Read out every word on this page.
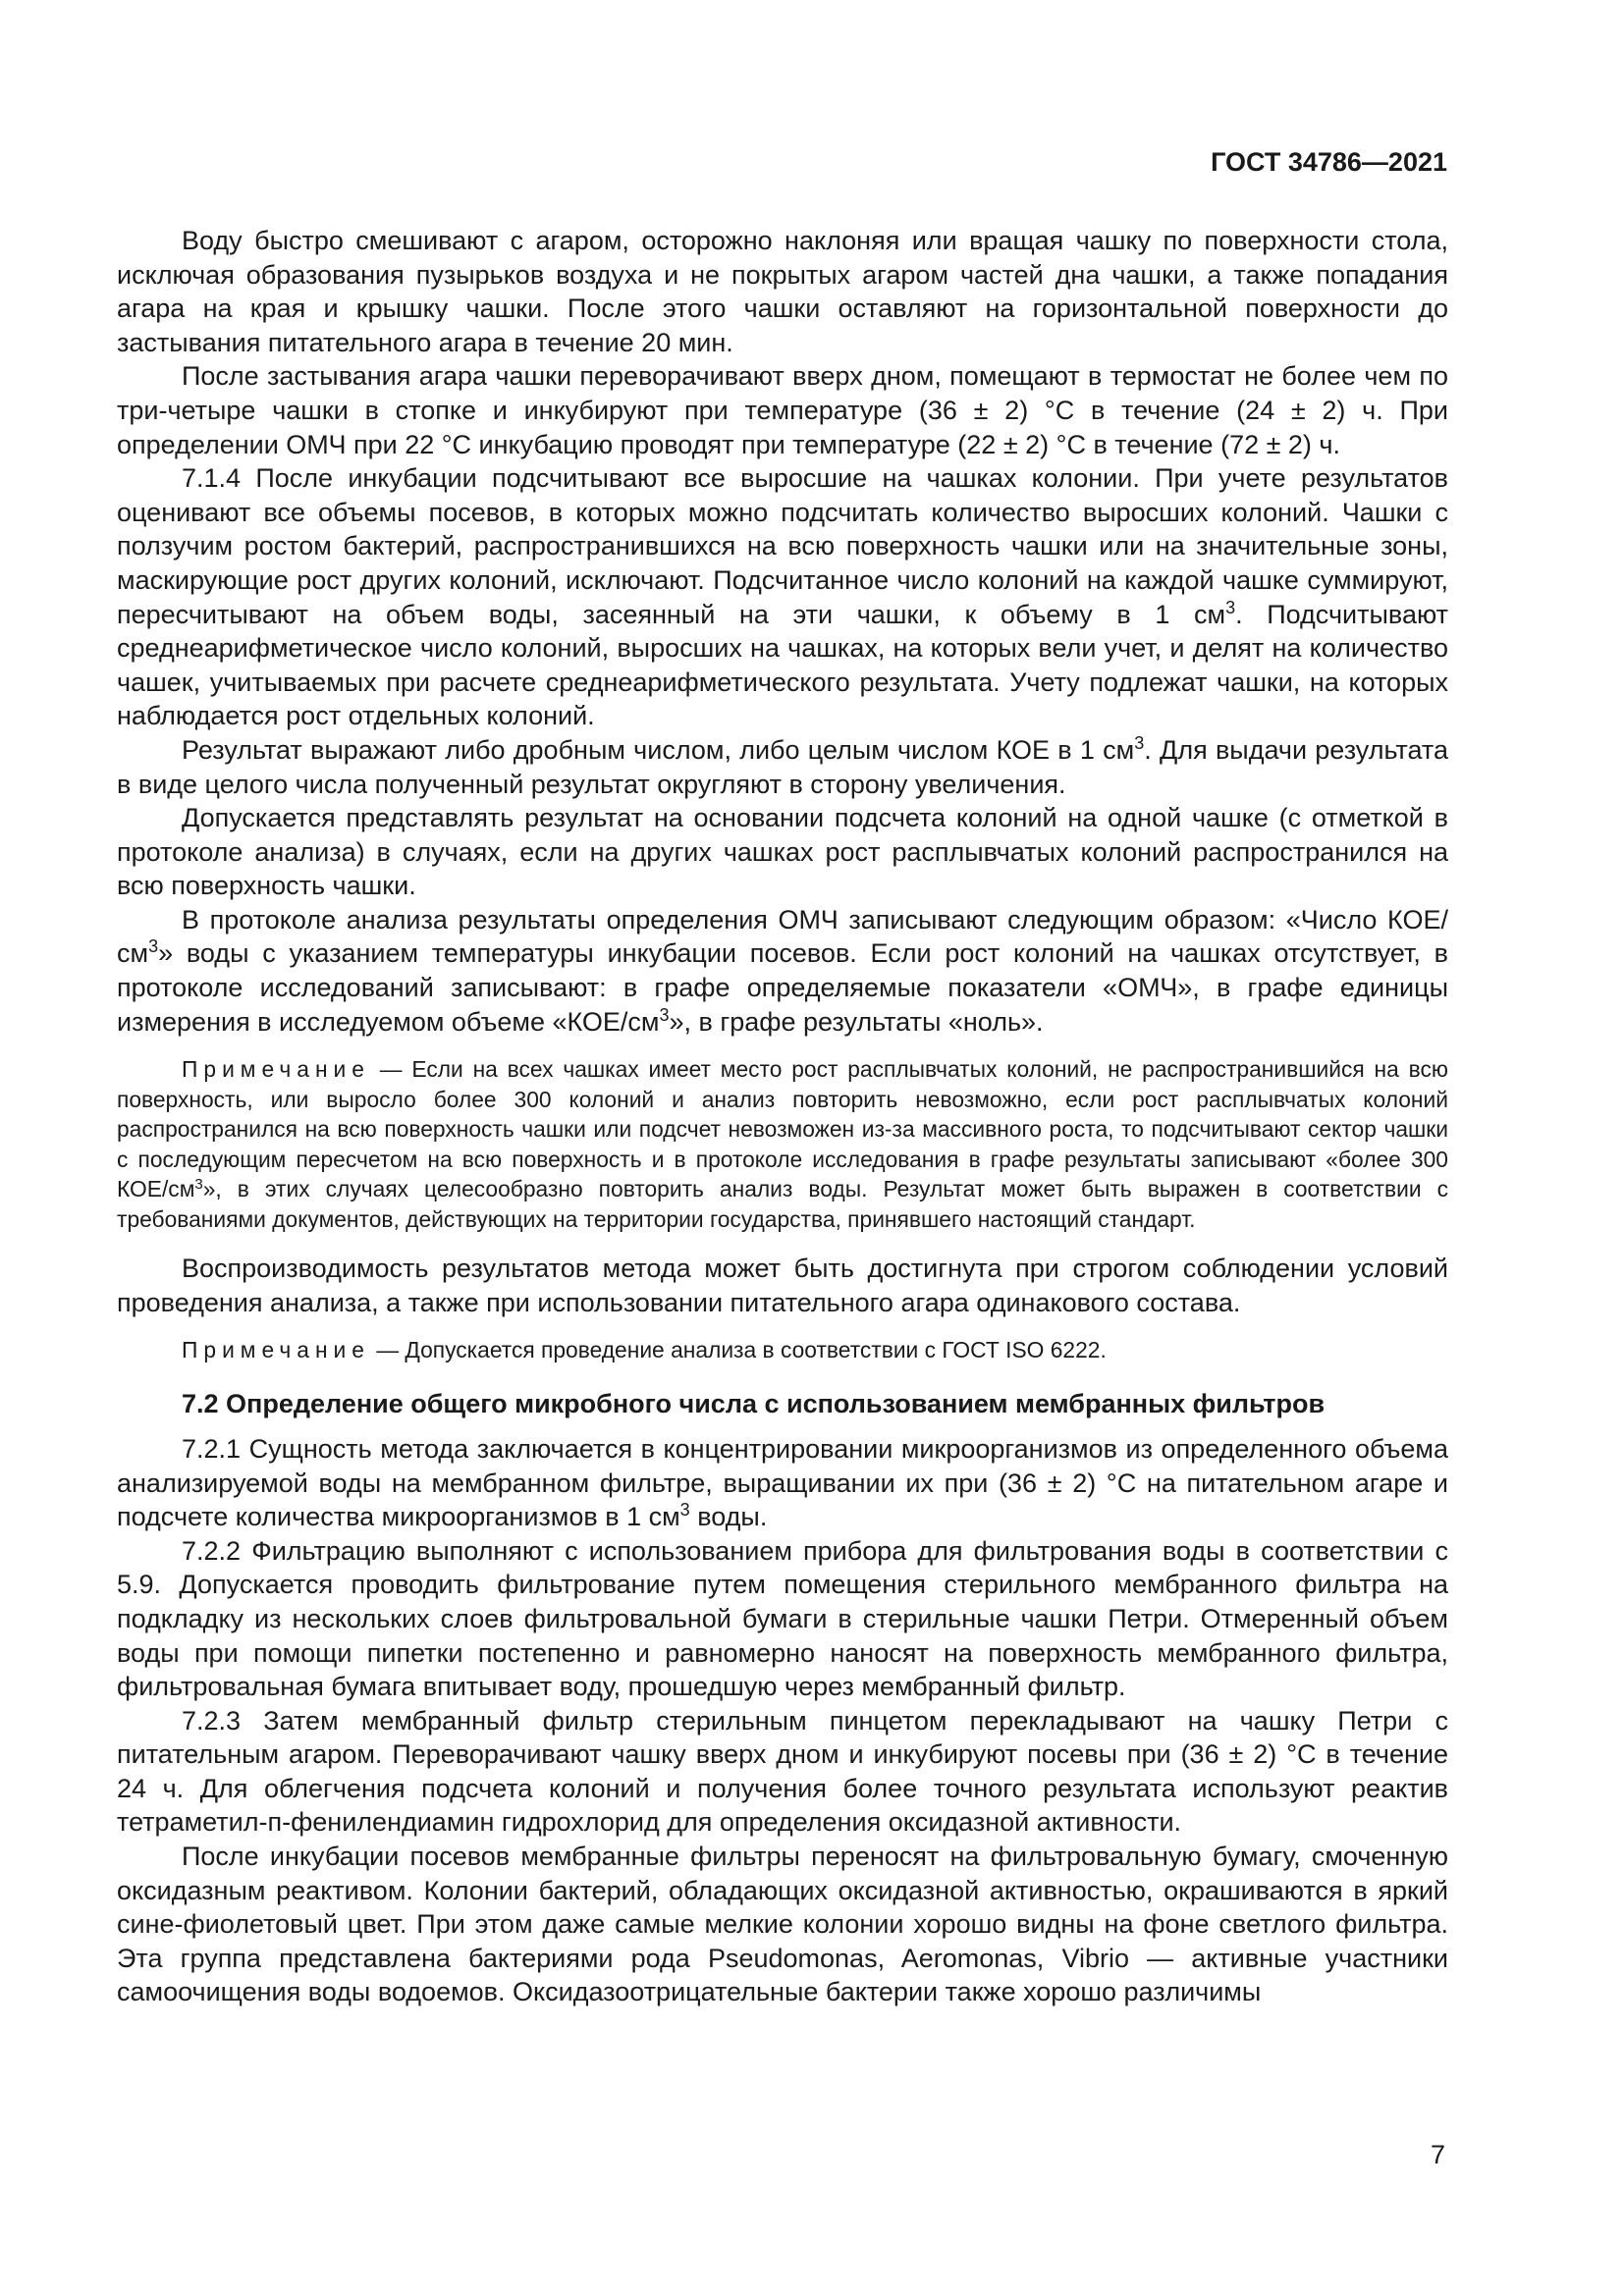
ГОСТ 34786—2021

Воду быстро смешивают с агаром, осторожно наклоняя или вращая чашку по поверхности стола, исключая образования пузырьков воздуха и не покрытых агаром частей дна чашки, а также попадания агара на края и крышку чашки. После этого чашки оставляют на горизонтальной поверхности до застывания питательного агара в течение 20 мин.

После застывания агара чашки переворачивают вверх дном, помещают в термостат не более чем по три-четыре чашки в стопке и инкубируют при температуре (36 ± 2) °С в течение (24 ± 2) ч. При определении ОМЧ при 22 °С инкубацию проводят при температуре (22 ± 2) °С в течение (72 ± 2) ч.

7.1.4 После инкубации подсчитывают все выросшие на чашках колонии. При учете результатов оценивают все объемы посевов, в которых можно подсчитать количество выросших колоний. Чашки с ползучим ростом бактерий, распространившихся на всю поверхность чашки или на значительные зоны, маскирующие рост других колоний, исключают. Подсчитанное число колоний на каждой чашке суммируют, пересчитывают на объем воды, засеянный на эти чашки, к объему в 1 $см^3$. Подсчитывают среднеарифметическое число колоний, выросших на чашках, на которых вели учет, и делят на количество чашек, учитываемых при расчете среднеарифметического результата. Учету подлежат чашки, на которых наблюдается рост отдельных колоний.

Результат выражают либо дробным числом, либо целым числом КОЕ в 1 $см^3$. Для выдачи результата в виде целого числа полученный результат округляют в сторону увеличения.

Допускается представлять результат на основании подсчета колоний на одной чашке (с отметкой в протоколе анализа) в случаях, если на других чашках рост расплывчатых колоний распространился на всю поверхность чашки.

В протоколе анализа результаты определения ОМЧ записывают следующим образом: «Число КОЕ/$см^3$» воды с указанием температуры инкубации посевов. Если рост колоний на чашках отсутствует, в протоколе исследований записывают: в графе определяемые показатели «ОМЧ», в графе единицы измерения в исследуемом объеме «$КОЕ/см^3$», в графе результаты «ноль».

Примечание — Если на всех чашках имеет место рост расплывчатых колоний, не распространившийся на всю поверхность, или выросло более 300 колоний и анализ повторить невозможно, если рост расплывчатых колоний распространился на всю поверхность чашки или подсчет невозможен из-за массивного роста, то подсчитывают сектор чашки с последующим пересчетом на всю поверхность и в протоколе исследования в графе результаты записывают «более 300 КОЕ/$см^3$», в этих случаях целесообразно повторить анализ воды. Результат может быть выражен в соответствии с требованиями документов, действующих на территории государства, принявшего настоящий стандарт.

Воспроизводимость результатов метода может быть достигнута при строгом соблюдении условий проведения анализа, а также при использовании питательного агара одинакового состава.

Примечание — Допускается проведение анализа в соответствии с ГОСТ ISO 6222.

7.2 Определение общего микробного числа с использованием мембранных фильтров

7.2.1 Сущность метода заключается в концентрировании микроорганизмов из определенного объема анализируемой воды на мембранном фильтре, выращивании их при (36 ± 2) °С на питательном агаре и подсчете количества микроорганизмов в 1 $см^3$ воды.

7.2.2 Фильтрацию выполняют с использованием прибора для фильтрования воды в соответствии с 5.9. Допускается проводить фильтрование путем помещения стерильного мембранного фильтра на подкладку из нескольких слоев фильтровальной бумаги в стерильные чашки Петри. Отмеренный объем воды при помощи пипетки постепенно и равномерно наносят на поверхность мембранного фильтра, фильтровальная бумага впитывает воду, прошедшую через мембранный фильтр.

7.2.3 Затем мембранный фильтр стерильным пинцетом перекладывают на чашку Петри с питательным агаром. Переворачивают чашку вверх дном и инкубируют посевы при (36 ± 2) °С в течение 24 ч. Для облегчения подсчета колоний и получения более точного результата используют реактив тетраметил-п-фенилендиамин гидрохлорид для определения оксидазной активности.

После инкубации посевов мембранные фильтры переносят на фильтровальную бумагу, смоченную оксидазным реактивом. Колонии бактерий, обладающих оксидазной активностью, окрашиваются в яркий сине-фиолетовый цвет. При этом даже самые мелкие колонии хорошо видны на фоне светлого фильтра. Эта группа представлена бактериями рода Pseudomonas, Aeromonas, Vibrio — активные участники самоочищения воды водоемов. Оксидазоотрицательные бактерии также хорошо различимы

7
